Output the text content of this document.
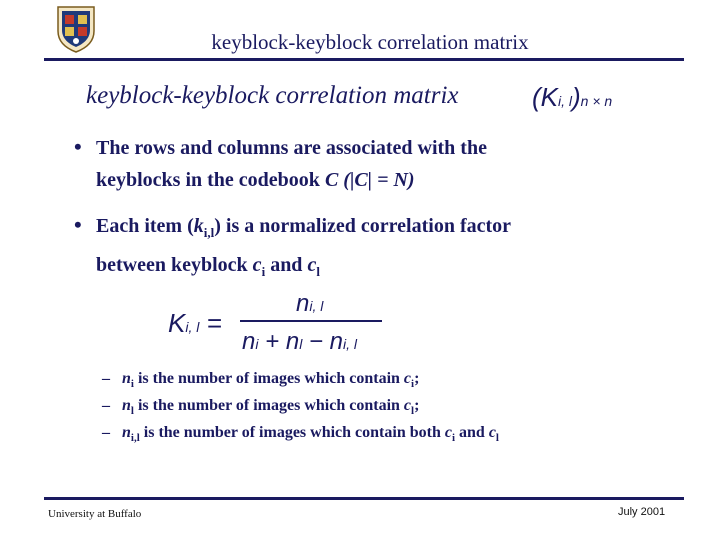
keyblock-keyblock correlation matrix
keyblock-keyblock correlation matrix	(Ki, l)n × n
• The rows and columns are associated with the
keyblocks in the codebook C (|C| = N)
• Each item $(k_{i,l})$ is a normalized correlation factor
between keyblock $c_i$ and $c_l$
Ki, l =
ni, l
ni + nl − ni, l
– $n_i$ is the number of images which contain $c_i$;
– $n_l$ is the number of images which contain $c_l$;
– $n_{i,l}$ is the number of images which contain both $c_i$ and $c_l$
University at Buffalo	July 2001
